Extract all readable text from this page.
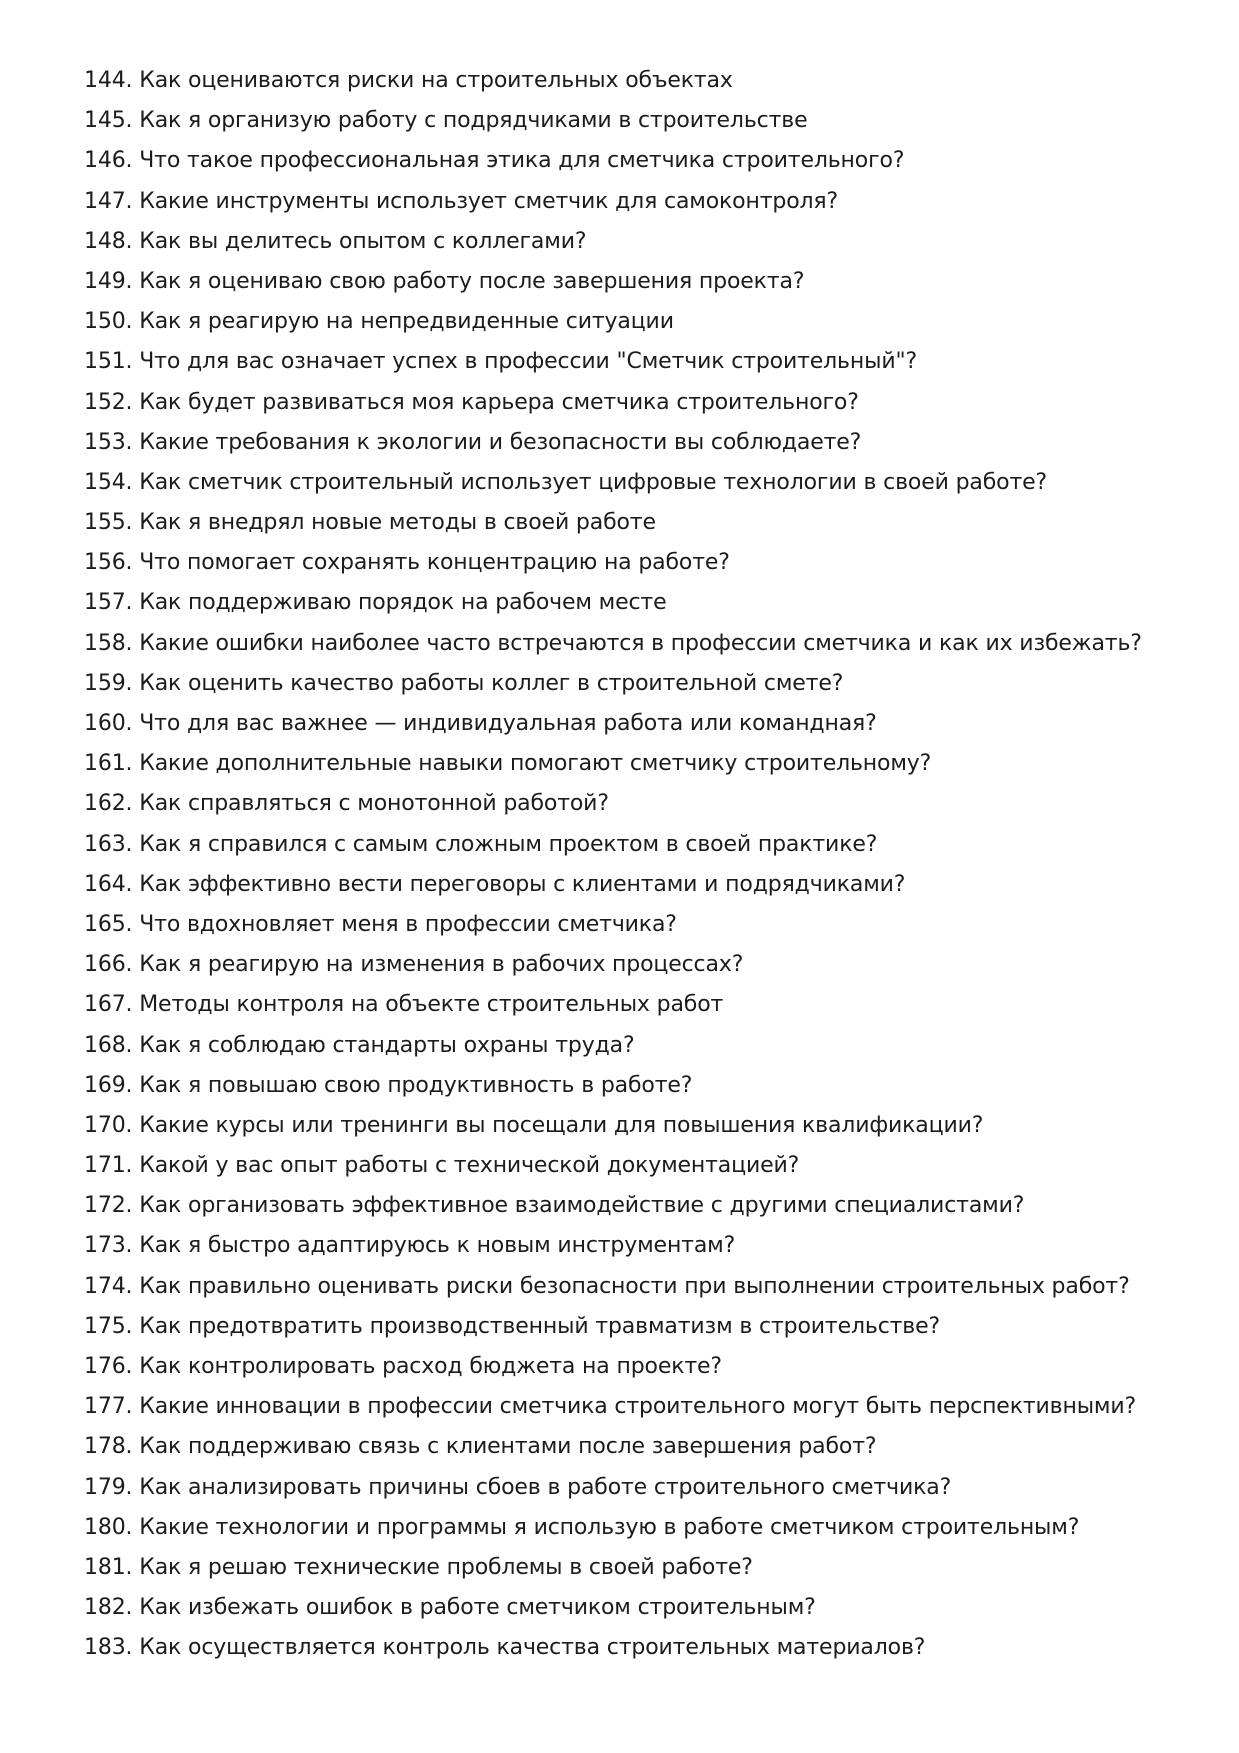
144. Как оцениваются риски на строительных объектах
145. Как я организую работу с подрядчиками в строительстве
146. Что такое профессиональная этика для сметчика строительного?
147. Какие инструменты использует сметчик для самоконтроля?
148. Как вы делитесь опытом с коллегами?
149. Как я оцениваю свою работу после завершения проекта?
150. Как я реагирую на непредвиденные ситуации
151. Что для вас означает успех в профессии "Сметчик строительный"?
152. Как будет развиваться моя карьера сметчика строительного?
153. Какие требования к экологии и безопасности вы соблюдаете?
154. Как сметчик строительный использует цифровые технологии в своей работе?
155. Как я внедрял новые методы в своей работе
156. Что помогает сохранять концентрацию на работе?
157. Как поддерживаю порядок на рабочем месте
158. Какие ошибки наиболее часто встречаются в профессии сметчика и как их избежать?
159. Как оценить качество работы коллег в строительной смете?
160. Что для вас важнее — индивидуальная работа или командная?
161. Какие дополнительные навыки помогают сметчику строительному?
162. Как справляться с монотонной работой?
163. Как я справился с самым сложным проектом в своей практике?
164. Как эффективно вести переговоры с клиентами и подрядчиками?
165. Что вдохновляет меня в профессии сметчика?
166. Как я реагирую на изменения в рабочих процессах?
167. Методы контроля на объекте строительных работ
168. Как я соблюдаю стандарты охраны труда?
169. Как я повышаю свою продуктивность в работе?
170. Какие курсы или тренинги вы посещали для повышения квалификации?
171. Какой у вас опыт работы с технической документацией?
172. Как организовать эффективное взаимодействие с другими специалистами?
173. Как я быстро адаптируюсь к новым инструментам?
174. Как правильно оценивать риски безопасности при выполнении строительных работ?
175. Как предотвратить производственный травматизм в строительстве?
176. Как контролировать расход бюджета на проекте?
177. Какие инновации в профессии сметчика строительного могут быть перспективными?
178. Как поддерживаю связь с клиентами после завершения работ?
179. Как анализировать причины сбоев в работе строительного сметчика?
180. Какие технологии и программы я использую в работе сметчиком строительным?
181. Как я решаю технические проблемы в своей работе?
182. Как избежать ошибок в работе сметчиком строительным?
183. Как осуществляется контроль качества строительных материалов?
